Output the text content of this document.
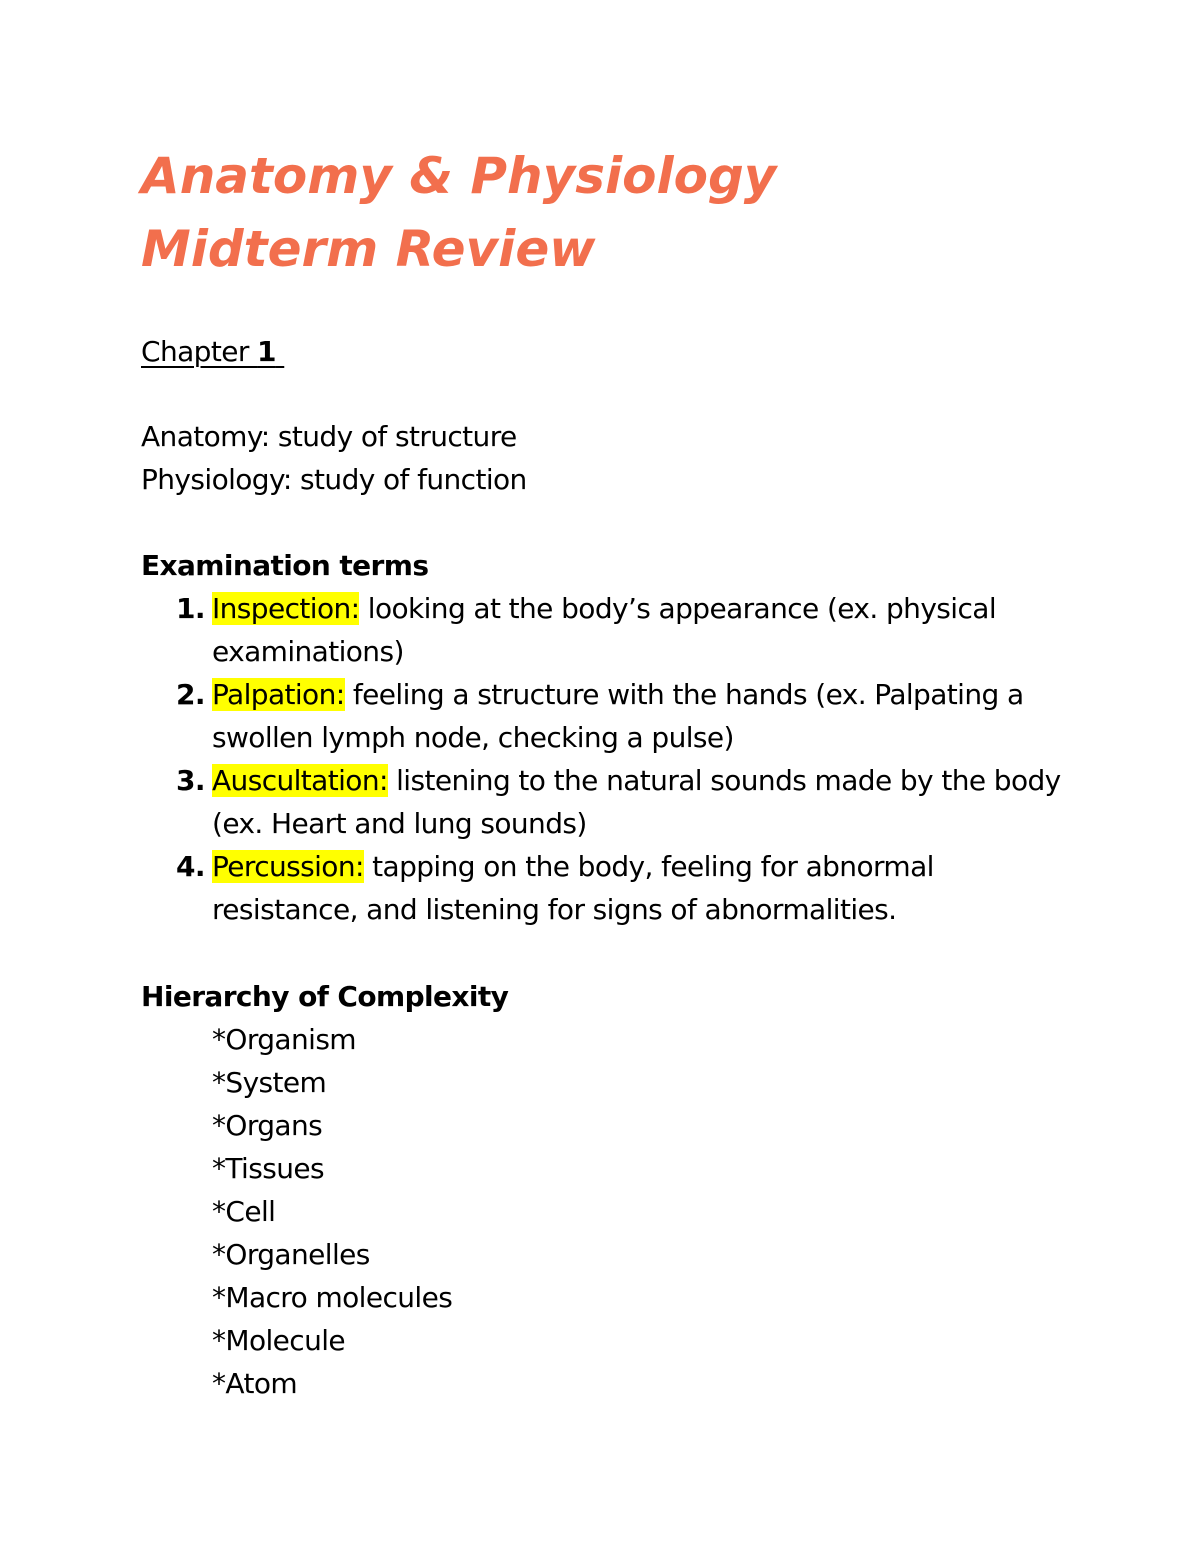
Anatomy & Physiology
Midterm Review

Chapter 1

Anatomy: study of structure

Physiology: study of function

Examination terms

1. Inspection: looking at the body’s appearance (ex. physical examinations)
2. Palpation: feeling a structure with the hands (ex. Palpating a swollen lymph node, checking a pulse)
3. Auscultation: listening to the natural sounds made by the body (ex. Heart and lung sounds)
4. Percussion: tapping on the body, feeling for abnormal resistance, and listening for signs of abnormalities.

Hierarchy of Complexity

*Organism
*System
*Organs
*Tissues
*Cell
*Organelles
*Macro molecules
*Molecule
*Atom
